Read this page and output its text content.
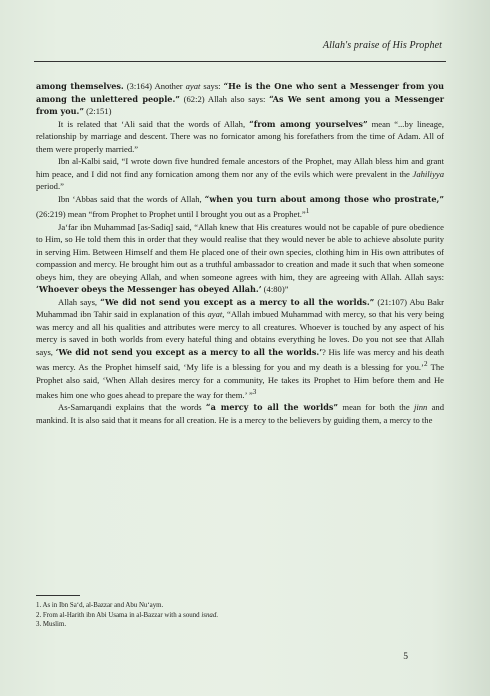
Allah's praise of His Prophet

among themselves. (3:164) Another ayat says: “He is the One who sent a Messenger from you among the unlettered people.” (62:2) Allah also says: “As We sent among you a Messenger from you.” (2:151)

It is related that ‘Ali said that the words of Allah, “from among yourselves” mean “...by lineage, relationship by marriage and descent. There was no fornicator among his forefathers from the time of Adam. All of them were properly married.”

Ibn al-Kalbi said, “I wrote down five hundred female ancestors of the Prophet, may Allah bless him and grant him peace, and I did not find any fornication among them nor any of the evils which were prevalent in the Jahiliyya period.”

Ibn ‘Abbas said that the words of Allah, “when you turn about among those who prostrate,” (26:219) mean “from Prophet to Prophet until I brought you out as a Prophet.”$^1$

Ja‘far ibn Muhammad [as-Sadiq] said, “Allah knew that His creatures would not be capable of pure obedience to Him, so He told them this in order that they would realise that they would never be able to achieve absolute purity in serving Him. Between Himself and them He placed one of their own species, clothing him in His own attributes of compassion and mercy. He brought him out as a truthful ambassador to creation and made it such that when someone obeys him, they are obeying Allah, and when someone agrees with him, they are agreeing with Allah. Allah says: ‘Whoever obeys the Messenger has obeyed Allah.’ (4:80)”

Allah says, “We did not send you except as a mercy to all the worlds.” (21:107) Abu Bakr Muhammad ibn Tahir said in explanation of this ayat, “Allah imbued Muhammad with mercy, so that his very being was mercy and all his qualities and attributes were mercy to all creatures. Whoever is touched by any aspect of his mercy is saved in both worlds from every hateful thing and obtains everything he loves. Do you not see that Allah says, ‘We did not send you except as a mercy to all the worlds.’? His life was mercy and his death was mercy. As the Prophet himself said, ‘My life is a blessing for you and my death is a blessing for you.’$^2$ The Prophet also said, ‘When Allah desires mercy for a community, He takes its Prophet to Him before them and He makes him one who goes ahead to prepare the way for them.’ ”$^3$

As-Samarqandi explains that the words “a mercy to all the worlds” mean for both the jinn and mankind. It is also said that it means for all creation. He is a mercy to the believers by guiding them, a mercy to the

1. As in Ibn Sa‘d, al-Bazzar and Abu Nu‘aym.
2. From al-Harith ibn Abi Usama in al-Bazzar with a sound isnad.
3. Muslim.
5
